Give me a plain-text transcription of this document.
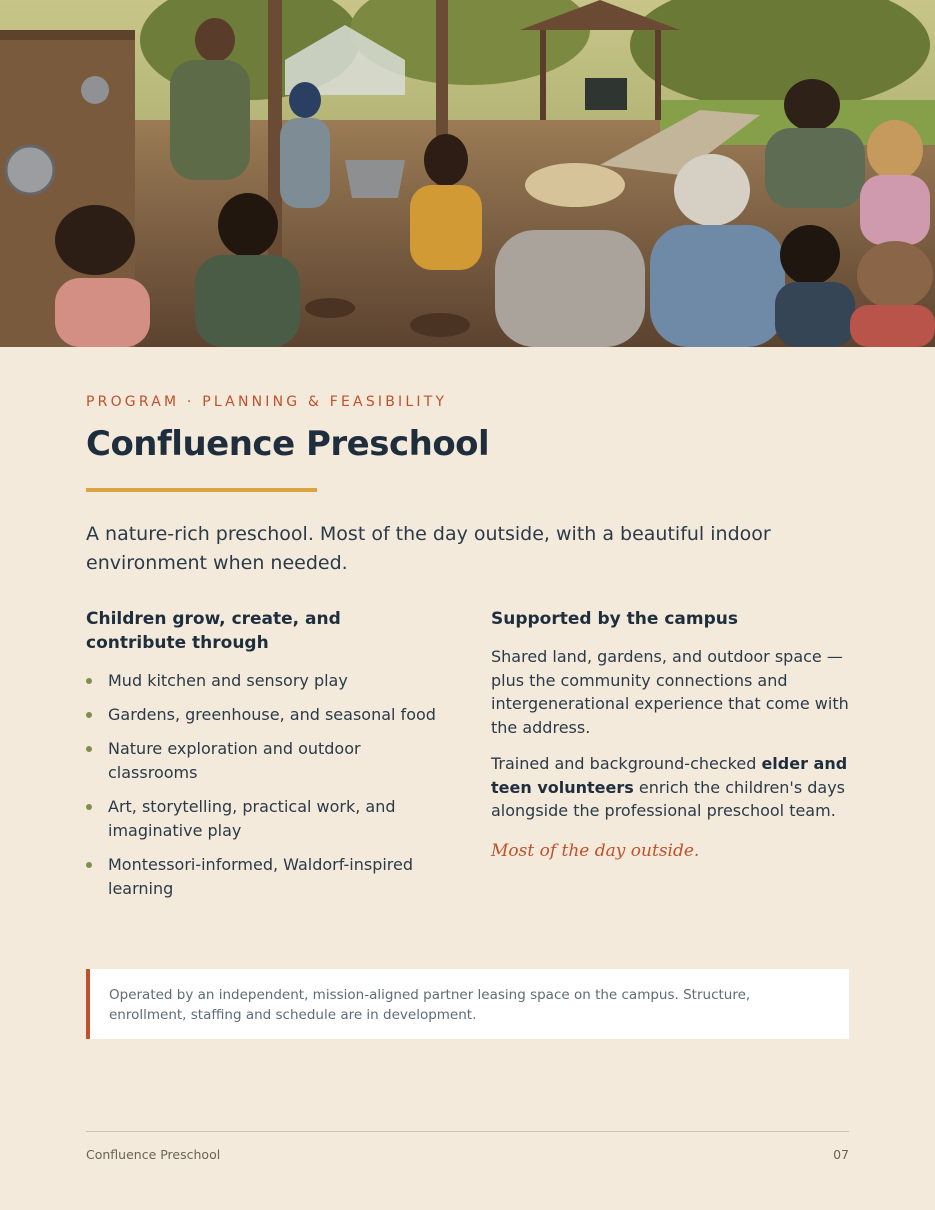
PROGRAM · PLANNING & FEASIBILITY
Confluence Preschool

A nature-rich preschool. Most of the day outside, with a beautiful indoor environment when needed.

Children grow, create, and contribute through
Mud kitchen and sensory play
Gardens, greenhouse, and seasonal food
Nature exploration and outdoor classrooms
Art, storytelling, practical work, and imaginative play
Montessori-informed, Waldorf-inspired learning
Supported by the campus

Shared land, gardens, and outdoor space — plus the community connections and intergenerational experience that come with the address.

Trained and background-checked elder and teen volunteers enrich the children's days alongside the professional preschool team.

Most of the day outside.
Operated by an independent, mission-aligned partner leasing space on the campus. Structure, enrollment, staffing and schedule are in development.
Confluence Preschool	07
